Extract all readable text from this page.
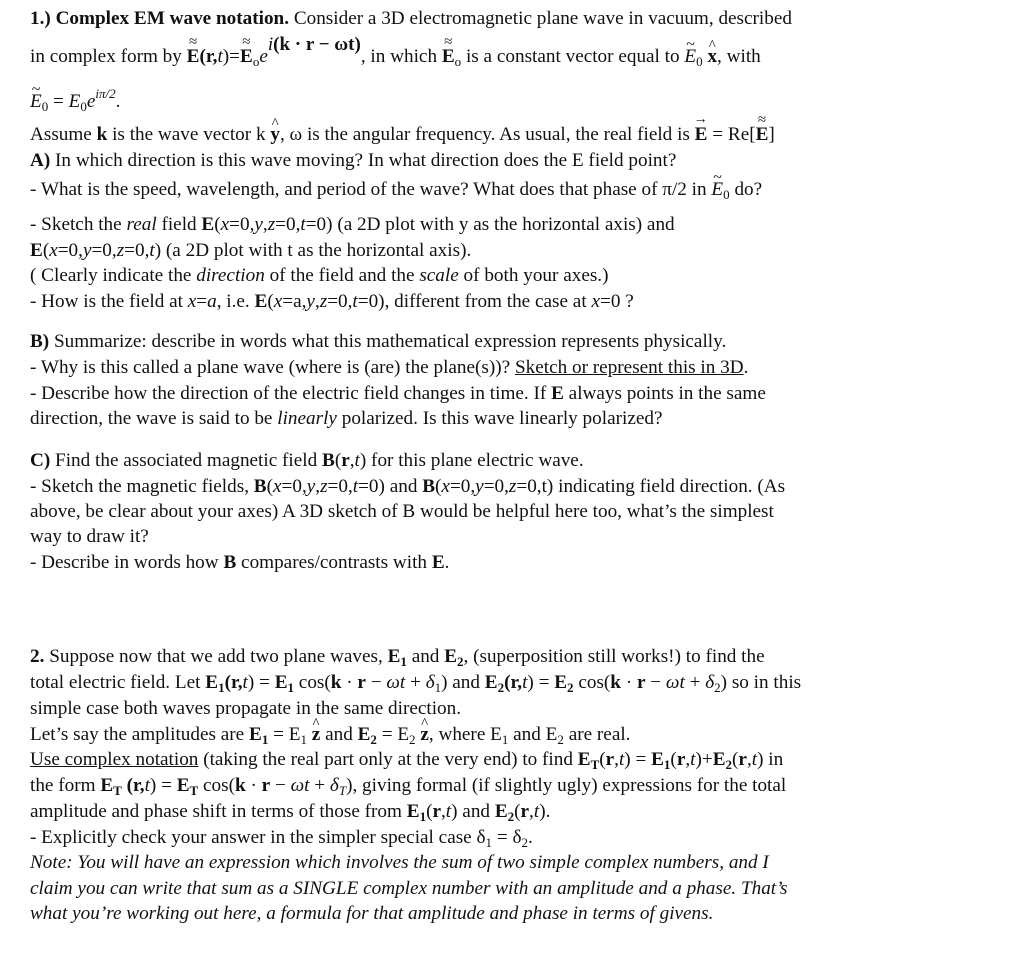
1.) Complex EM wave notation. Consider a 3D electromagnetic plane wave in vacuum, described
in complex form by ≈ $E(r,t)=\approx E_oei(k \cdot r - \omega t)$, in which ≈ $E_o$ is a constant vector equal to ~ $E_0$ ^ x, with
~ $E_0 = E_0e^{i\pi/2}$.
Assume k is the wave vector k ^ y, ω is the angular frequency. As usual, the real field is → E = Re[≈ E]
A) In which direction is this wave moving? In what direction does the E field point?
- What is the speed, wavelength, and period of the wave? What does that phase of π/2 in ~ $E_0$ do?
- Sketch the real field E(x=0,y,z=0,t=0) (a 2D plot with y as the horizontal axis) and
E(x=0,y=0,z=0,t) (a 2D plot with t as the horizontal axis).
( Clearly indicate the direction of the field and the scale of both your axes.)
- How is the field at x=a, i.e. E(x=a,y,z=0,t=0), different from the case at x=0 ?
B) Summarize: describe in words what this mathematical expression represents physically.
- Why is this called a plane wave (where is (are) the plane(s))? Sketch or represent this in 3D.
- Describe how the direction of the electric field changes in time. If E always points in the same
direction, the wave is said to be linearly polarized. Is this wave linearly polarized?
C) Find the associated magnetic field B(r,t) for this plane electric wave.
- Sketch the magnetic fields, B(x=0,y,z=0,t=0) and B(x=0,y=0,z=0,t) indicating field direction. (As
above, be clear about your axes) A 3D sketch of B would be helpful here too, what’s the simplest
way to draw it?
- Describe in words how B compares/contrasts with E.
2. Suppose now that we add two plane waves, $E_1$ and $E_2$, (superposition still works!) to find the
total electric field. Let $E_1(r,t) = E_1$ $\cos(k \cdot r - \omega t + \delta_1)$ and $E_2(r,t) = E_2$ $\cos(k \cdot r - \omega t + \delta_2)$ so in this
simple case both waves propagate in the same direction.
Let’s say the amplitudes are $E_1 = E_1$ ^ z and $E_2 = E_2$ ^ z, where $E_1$ and $E_2$ are real.
Use complex notation (taking the real part only at the very end) to find $E_T(r,t) = E_1(r,t)+E_2(r,t)$ in
the form $E_T$ $(r,t) = E_T$ $\cos(k \cdot r - \omega t + \delta_T)$, giving formal (if slightly ugly) expressions for the total
amplitude and phase shift in terms of those from $E_1(r,t)$ and $E_2(r,t)$.
- Explicitly check your answer in the simpler special case $\delta_1 = \delta_2$.
Note: You will have an expression which involves the sum of two simple complex numbers, and I
claim you can write that sum as a SINGLE complex number with an amplitude and a phase. That’s
what you’re working out here, a formula for that amplitude and phase in terms of givens.
